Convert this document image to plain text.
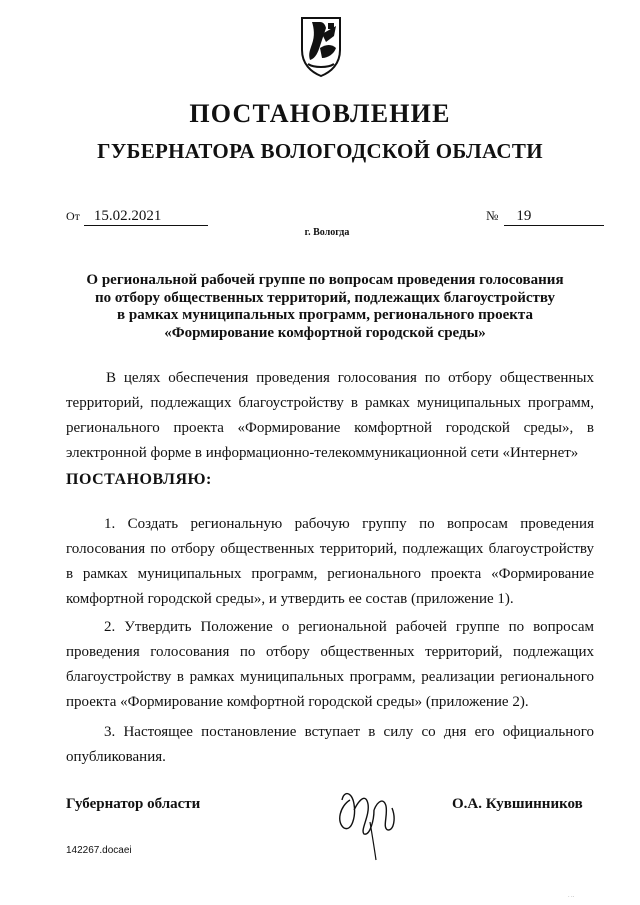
ПОСТАНОВЛЕНИЕ
ГУБЕРНАТОРА ВОЛОГОДСКОЙ ОБЛАСТИ
От 15.02.2021	№ 19
г. Вологда
О региональной рабочей группе по вопросам проведения голосования
по отбору общественных территорий, подлежащих благоустройству
в рамках муниципальных программ, регионального проекта
«Формирование комфортной городской среды»
В целях обеспечения проведения голосования по отбору общественных территорий, подлежащих благоустройству в рамках муниципальных программ, регионального проекта «Формирование комфортной городской среды», в электронной форме в информационно-телекоммуникационной сети «Интернет»
ПОСТАНОВЛЯЮ:
1. Создать региональную рабочую группу по вопросам проведения голосования по отбору общественных территорий, подлежащих благоустройству в рамках муниципальных программ, регионального проекта «Формирование комфортной городской среды», и утвердить ее состав (приложение 1).
2. Утвердить Положение о региональной рабочей группе по вопросам проведения голосования по отбору общественных территорий, подлежащих благоустройству в рамках муниципальных программ, реализации регионального проекта «Формирование комфортной городской среды» (приложение 2).
3. Настоящее постановление вступает в силу со дня его официального опубликования.
Губернатор области	О.А. Кувшинников
142267.docaei
· ··
